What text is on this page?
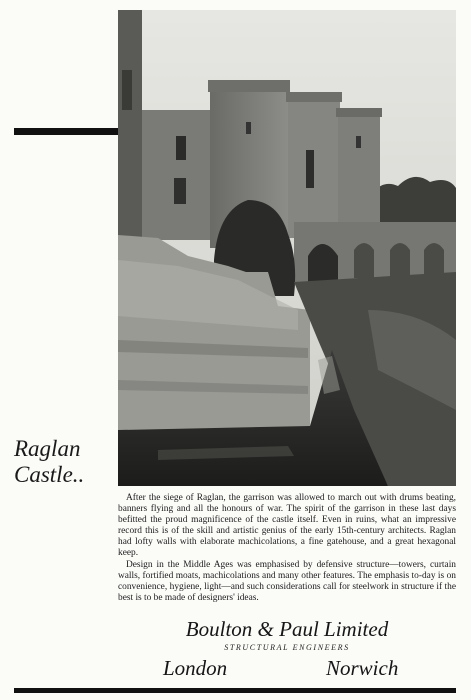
Raglan
Castle..

After the siege of Raglan, the garrison was allowed to march out with drums beating, banners flying and all the honours of war. The spirit of the garrison in these last days befitted the proud magnificence of the castle itself. Even in ruins, what an impressive record this is of the skill and artistic genius of the early 15th-century architects. Raglan had lofty walls with elaborate machicolations, a fine gatehouse, and a great hexagonal keep.

Design in the Middle Ages was emphasised by defensive structure—towers, curtain walls, fortified moats, machicolations and many other features. The emphasis to-day is on convenience, hygiene, light—and such considerations call for steelwork in structure if the best is to be made of designers' ideas.

Boulton & Paul Limited
STRUCTURAL ENGINEERS
London	Norwich
